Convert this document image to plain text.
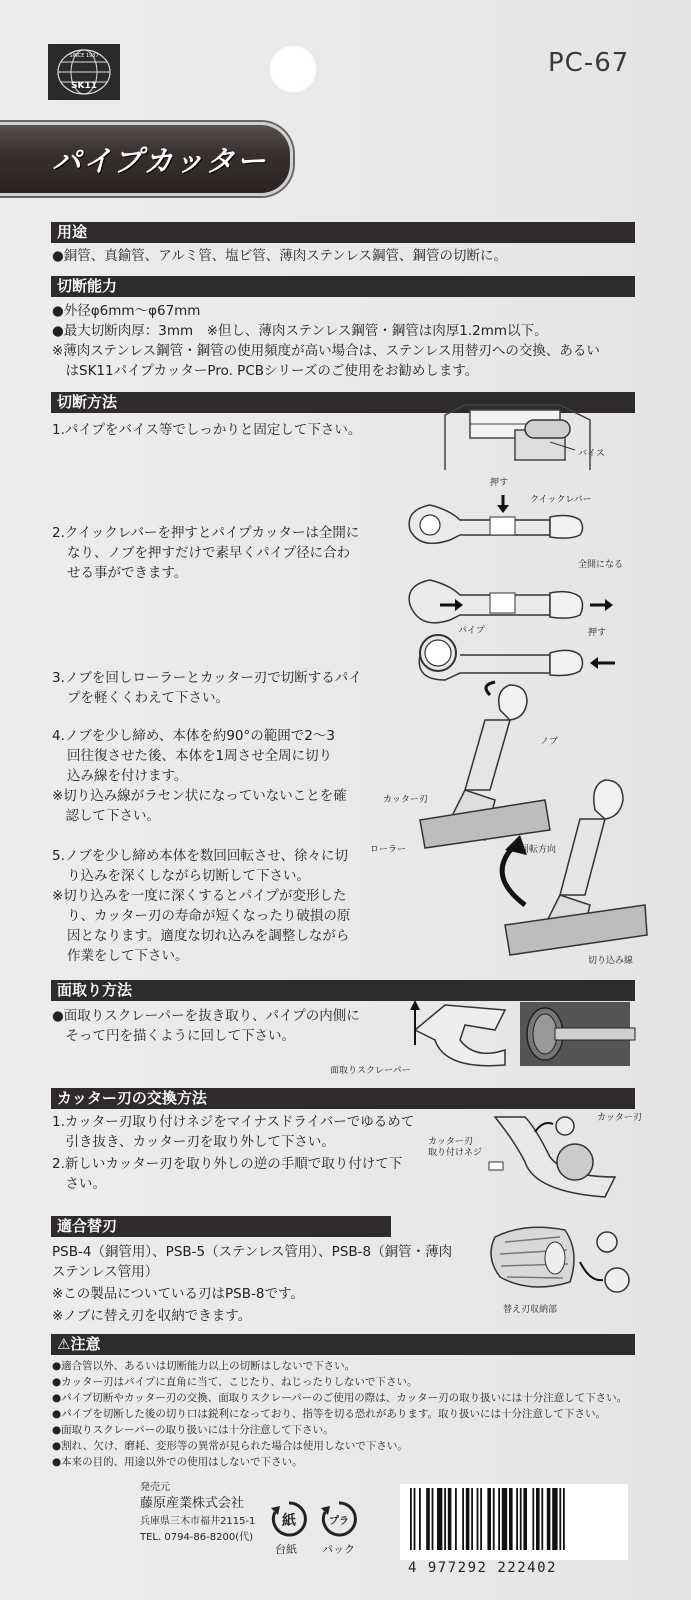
SINCE 1937
SK11
PC-67
パイプカッター
用途
●銅管、真鍮管、アルミ管、塩ビ管、薄肉ステンレス鋼管、鋼管の切断に。
切断能力
●外径φ6mm〜φ67mm
●最大切断肉厚：3mm　※但し、薄肉ステンレス鋼管・鋼管は肉厚1.2mm以下。
※薄肉ステンレス鋼管・鋼管の使用頻度が高い場合は、ステンレス用替刃への交換、あるい
　はSK11パイプカッターPro. PCBシリーズのご使用をお勧めします。
切断方法
1.パイプをバイス等でしっかりと固定して下さい。
2.クイックレバーを押すとパイプカッターは全開に
なり、ノブを押すだけで素早くパイプ径に合わ
せる事ができます。
3.ノブを回しローラーとカッター刃で切断するパイ
プを軽くくわえて下さい。
4.ノブを少し締め、本体を約90°の範囲で2〜3
回往復させた後、本体を1周させ全周に切り
込み線を付けます。
※切り込み線がラセン状になっていないことを確
　認して下さい。
5.ノブを少し締め本体を数回回転させ、徐々に切
り込みを深くしながら切断して下さい。
※切り込みを一度に深くするとパイプが変形した
り、カッター刃の寿命が短くなったり破損の原
因となります。適度な切れ込みを調整しながら
作業をして下さい。
バイス
押す
クイックレバー
全開になる
パイプ	押す
ノブ
カッター刃
ローラー	回転方向
切り込み線
面取り方法
●面取りスクレーパーを抜き取り、パイプの内側に
　そって円を描くように回して下さい。
面取りスクレーパー
カッター刃の交換方法
1.カッター刃取り付けネジをマイナスドライバーでゆるめて
　引き抜き、カッター刃を取り外して下さい。
2.新しいカッター刃を取り外しの逆の手順で取り付けて下
　さい。
カッター刃
カッター刃
取り付けネジ
適合替刃
PSB-4（銅管用）、PSB-5（ステンレス管用）、PSB-8（銅管・薄肉
ステンレス管用）
※この製品についている刃はPSB-8です。
※ノブに替え刃を収納できます。	替え刃収納部
⚠注意
●適合管以外、あるいは切断能力以上の切断はしないで下さい。
●カッター刃はパイプに直角に当て、こじたり、ねじったりしないで下さい。
●パイプ切断やカッター刃の交換、面取りスクレーパーのご使用の際は、カッター刃の取り扱いには十分注意して下さい。
●パイプを切断した後の切り口は鋭利になっており、指等を切る恐れがあります。取り扱いには十分注意して下さい。
●面取りスクレーパーの取り扱いには十分注意して下さい。
●割れ、欠け、磨耗、変形等の異常が見られた場合は使用しないで下さい。
●本来の目的、用途以外での使用はしないで下さい。
発売元
藤原産業株式会社
兵庫県三木市福井2115-1
TEL. 0794-86-8200(代)
紙
台紙
プラ
パック
4 977292 222402
